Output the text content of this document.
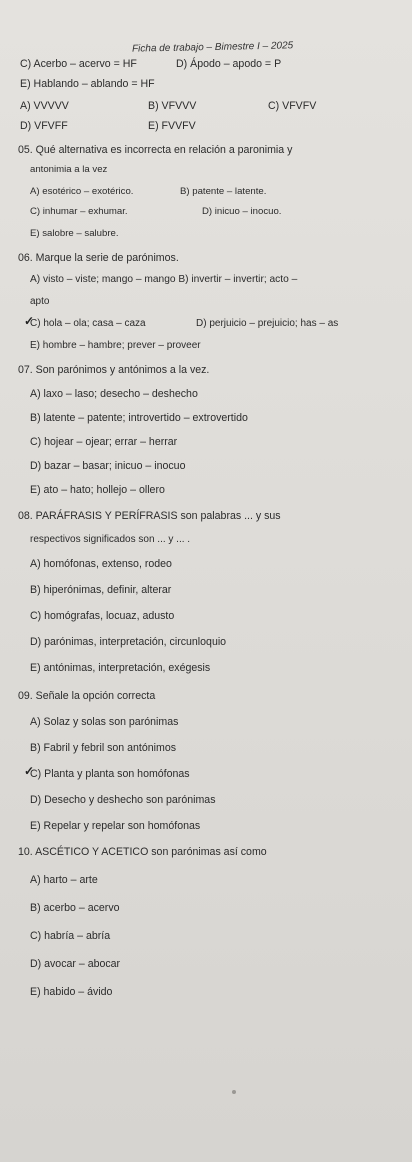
Ficha de trabajo – Bimestre I – 2025
C) Acerbo – acervo = HF	D) Ápodo – apodo = P
E) Hablando – ablando = HF
A) VVVVV	B) VFVVV	C) VFVFV
D) VFVFF	E) FVVFV
05. Qué alternativa es incorrecta en relación a paronimia y
antonimia a la vez
A) esotérico – exotérico.	B) patente – latente.
C) inhumar – exhumar.	D) inicuo – inocuo.
E) salobre – salubre.
06. Marque la serie de parónimos.
A) visto – viste; mango – mango B) invertir – invertir; acto –
apto
✓
C) hola – ola; casa – caza	D) perjuicio – prejuicio; has – as
E) hombre – hambre; prever – proveer
07. Son parónimos y antónimos a la vez.
A) laxo – laso; desecho – deshecho
B) latente – patente; introvertido – extrovertido
C) hojear – ojear; errar – herrar
D) bazar – basar; inicuo – inocuo
E) ato – hato; hollejo – ollero
08. PARÁFRASIS Y PERÍFRASIS son palabras ... y sus
respectivos significados son ... y ... .
A) homófonas, extenso, rodeo
B) hiperónimas, definir, alterar
C) homógrafas, locuaz, adusto
D) parónimas, interpretación, circunloquio
E) antónimas, interpretación, exégesis
09. Señale la opción correcta
A) Solaz y solas son parónimas
B) Fabril y febril son antónimos
✓
C) Planta y planta son homófonas
D) Desecho y deshecho son parónimas
E) Repelar y repelar son homófonas
10. ASCÉTICO Y ACETICO son parónimas así como
A) harto – arte
B) acerbo – acervo
C) habría – abría
D) avocar – abocar
E) habido – ávido
